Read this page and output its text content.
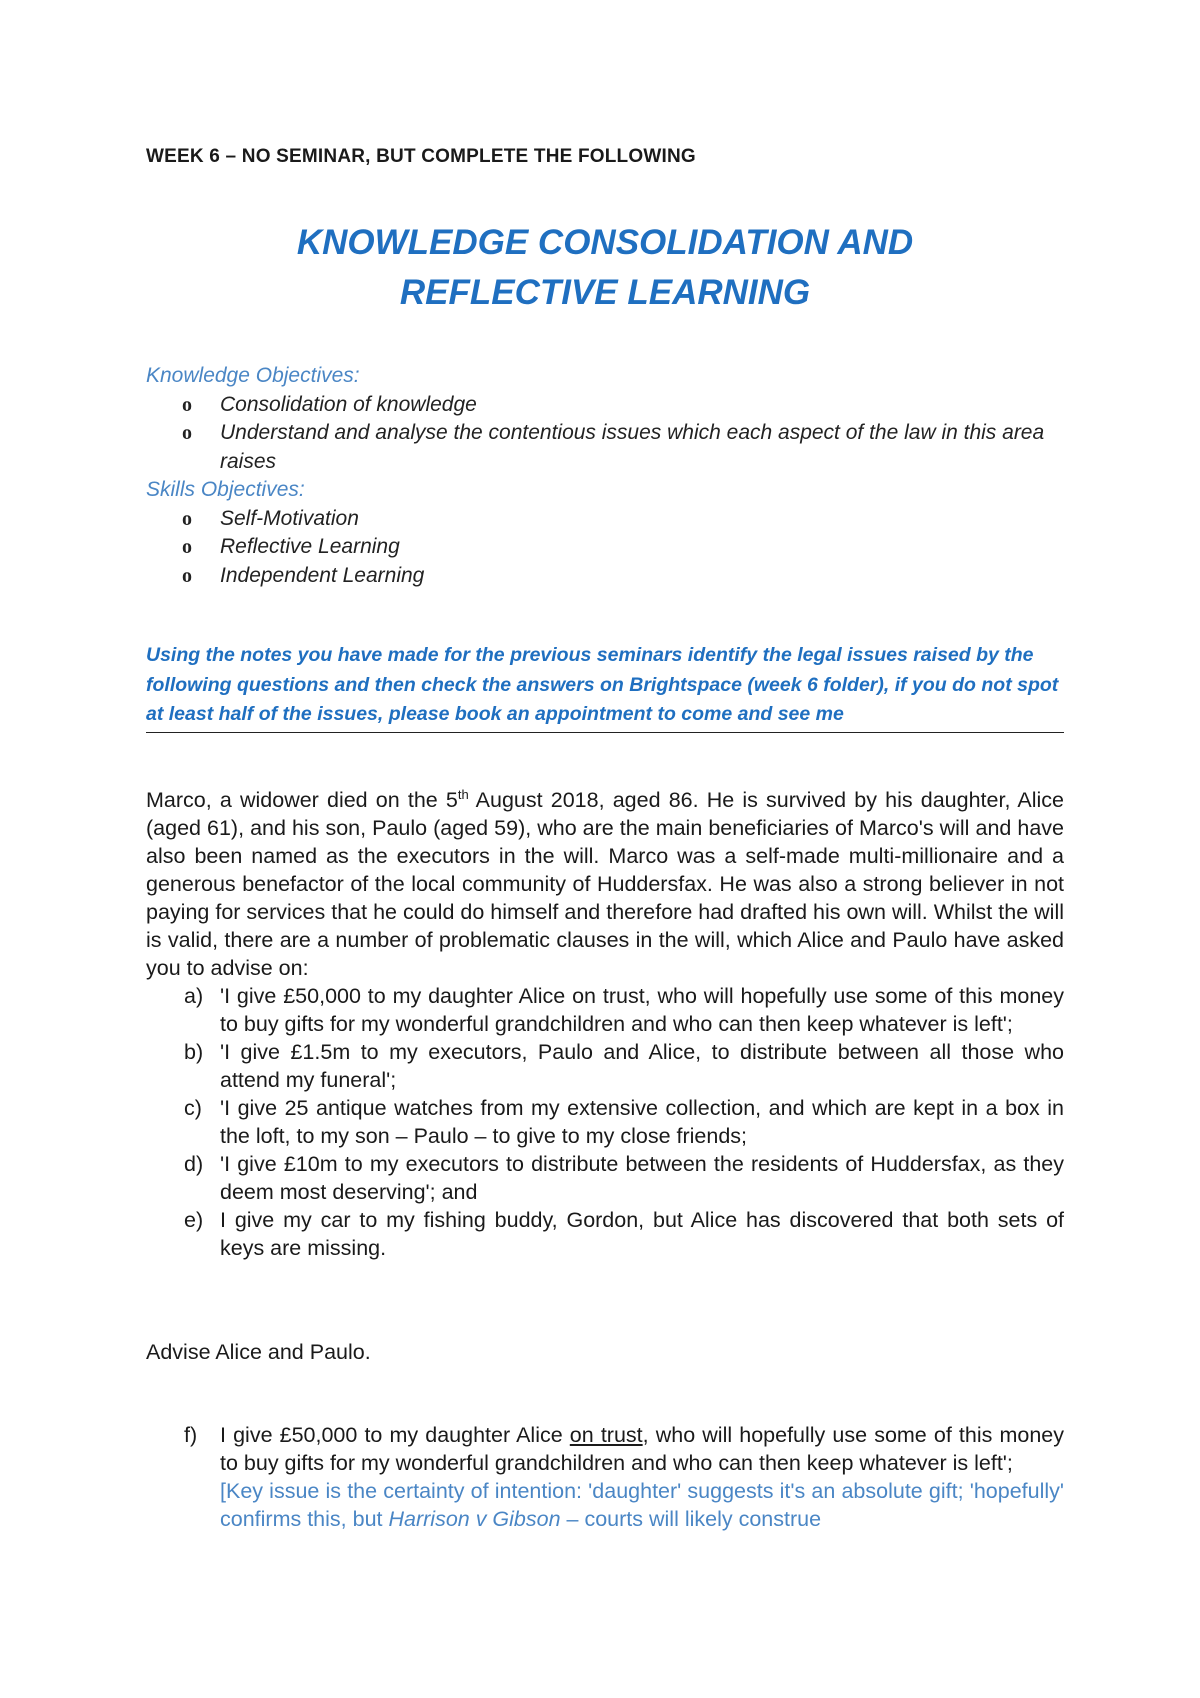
WEEK 6 – NO SEMINAR, BUT COMPLETE THE FOLLOWING
KNOWLEDGE CONSOLIDATION AND
REFLECTIVE LEARNING
Knowledge Objectives:
o Consolidation of knowledge
o Understand and analyse the contentious issues which each aspect of the law in this area raises
Skills Objectives:
o Self-Motivation
o Reflective Learning
o Independent Learning
Using the notes you have made for the previous seminars identify the legal issues raised by the following questions and then check the answers on Brightspace (week 6 folder), if you do not spot at least half of the issues, please book an appointment to come and see me

Marco, a widower died on the 5th August 2018, aged 86. He is survived by his daughter, Alice (aged 61), and his son, Paulo (aged 59), who are the main beneficiaries of Marco's will and have also been named as the executors in the will. Marco was a self-made multi-millionaire and a generous benefactor of the local community of Huddersfax. He was also a strong believer in not paying for services that he could do himself and therefore had drafted his own will. Whilst the will is valid, there are a number of problematic clauses in the will, which Alice and Paulo have asked you to advise on:

a) 'I give £50,000 to my daughter Alice on trust, who will hopefully use some of this money to buy gifts for my wonderful grandchildren and who can then keep whatever is left';
b) 'I give £1.5m to my executors, Paulo and Alice, to distribute between all those who attend my funeral';
c) 'I give 25 antique watches from my extensive collection, and which are kept in a box in the loft, to my son – Paulo – to give to my close friends;
d) 'I give £10m to my executors to distribute between the residents of Huddersfax, as they deem most deserving'; and
e) I give my car to my fishing buddy, Gordon, but Alice has discovered that both sets of keys are missing.
Advise Alice and Paulo.
f) I give £50,000 to my daughter Alice on trust, who will hopefully use some of this money to buy gifts for my wonderful grandchildren and who can then keep whatever is left';
[Key issue is the certainty of intention: 'daughter' suggests it's an absolute gift; 'hopefully' confirms this, but Harrison v Gibson – courts will likely construe
